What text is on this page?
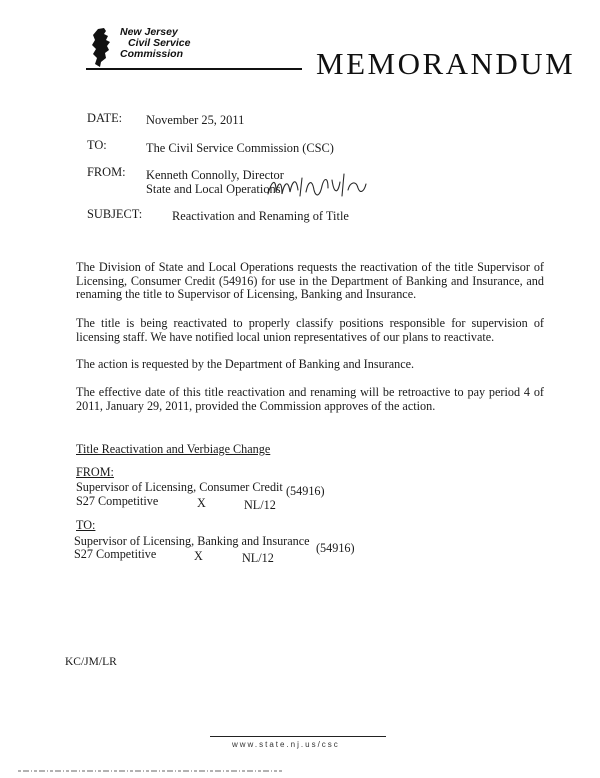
New Jersey
Civil Service
Commission	MEMORANDUM
DATE: November 25, 2011
TO:	The Civil Service Commission (CSC)
FROM: Kenneth Connolly, Director
State and Local Operations
SUBJECT: Reactivation and Renaming of Title
The Division of State and Local Operations requests the reactivation of the title Supervisor of Licensing, Consumer Credit (54916) for use in the Department of Banking and Insurance, and renaming the title to Supervisor of Licensing, Banking and Insurance.
The title is being reactivated to properly classify positions responsible for supervision of licensing staff. We have notified local union representatives of our plans to reactivate.
The action is requested by the Department of Banking and Insurance.
The effective date of this title reactivation and renaming will be retroactive to pay period 4 of 2011, January 29, 2011, provided the Commission approves of the action.
Title Reactivation and Verbiage Change
FROM:
Supervisor of Licensing, Consumer Credit (54916)
S27 Competitive	X	NL/12
TO:
Supervisor of Licensing, Banking and Insurance (54916)
S27 Competitive	X	NL/12
KC/JM/LR
www.state.nj.us/csc
